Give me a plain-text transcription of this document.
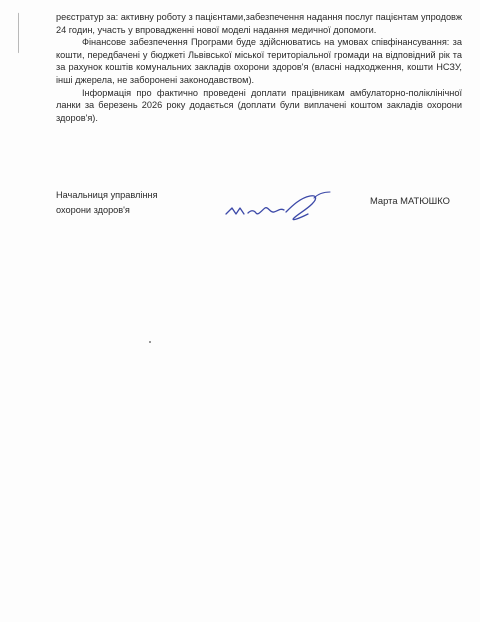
реєстратур за: активну роботу з пацієнтами,забезпечення надання послуг пацієнтам упродовж 24 годин, участь у впровадженні нової моделі надання медичної допомоги.

Фінансове забезпечення Програми буде здійснюватись на умовах співфінансування: за кошти, передбачені у бюджеті Львівської міської територіальної громади на відповідний рік та за рахунок коштів комунальних закладів охорони здоров'я (власні надходження, кошти НСЗУ, інші джерела, не заборонені законодавством).

Інформація про фактично проведені доплати працівникам амбулаторно-поліклінічної ланки за березень 2026 року додається (доплати були виплачені коштом закладів охорони здоров'я).

Начальниця управління
охорони здоров'я
Марта МАТЮШКО
